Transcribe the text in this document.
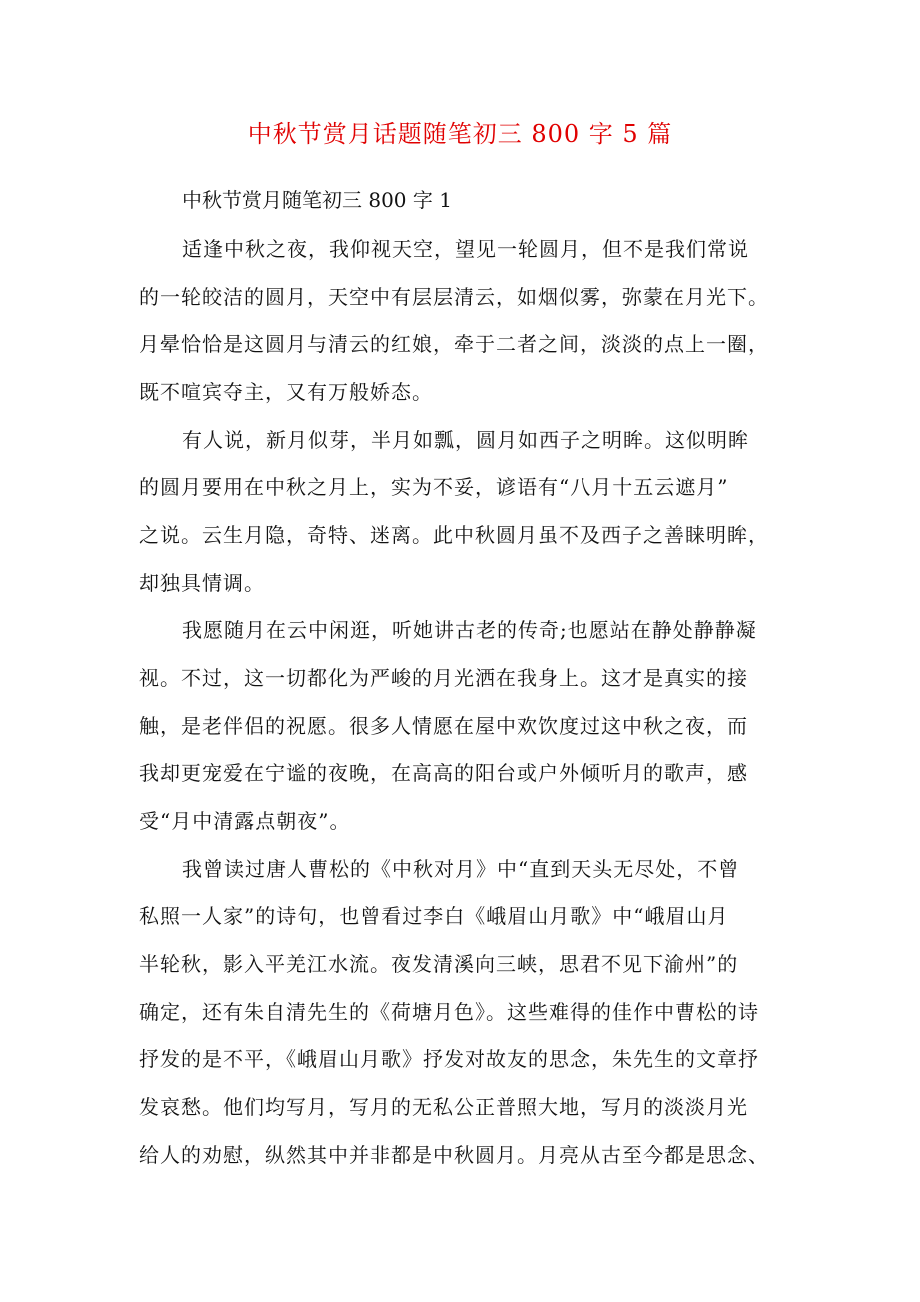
中秋节赏月话题随笔初三 800 字 5 篇
中秋节赏月随笔初三 800 字 1
适逢中秋之夜，我仰视天空，望见一轮圆月，但不是我们常说
的一轮皎洁的圆月，天空中有层层清云，如烟似雾，弥蒙在月光下。
月晕恰恰是这圆月与清云的红娘，牵于二者之间，淡淡的点上一圈，
既不喧宾夺主，又有万般娇态。
有人说，新月似芽，半月如瓢，圆月如西子之明眸。这似明眸
的圆月要用在中秋之月上，实为不妥，谚语有“八月十五云遮月”
之说。云生月隐，奇特、迷离。此中秋圆月虽不及西子之善睐明眸，
却独具情调。
我愿随月在云中闲逛，听她讲古老的传奇;也愿站在静处静静凝
视。不过，这一切都化为严峻的月光洒在我身上。这才是真实的接
触，是老伴侣的祝愿。很多人情愿在屋中欢饮度过这中秋之夜，而
我却更宠爱在宁谧的夜晚，在高高的阳台或户外倾听月的歌声，感
受“月中清露点朝夜”。
我曾读过唐人曹松的《中秋对月》中“直到天头无尽处，不曾
私照一人家”的诗句，也曾看过李白《峨眉山月歌》中“峨眉山月
半轮秋，影入平羌江水流。夜发清溪向三峡，思君不见下渝州”的
确定，还有朱自清先生的《荷塘月色》。这些难得的佳作中曹松的诗
抒发的是不平，《峨眉山月歌》抒发对故友的思念，朱先生的文章抒
发哀愁。他们均写月，写月的无私公正普照大地，写月的淡淡月光
给人的劝慰，纵然其中并非都是中秋圆月。月亮从古至今都是思念、
